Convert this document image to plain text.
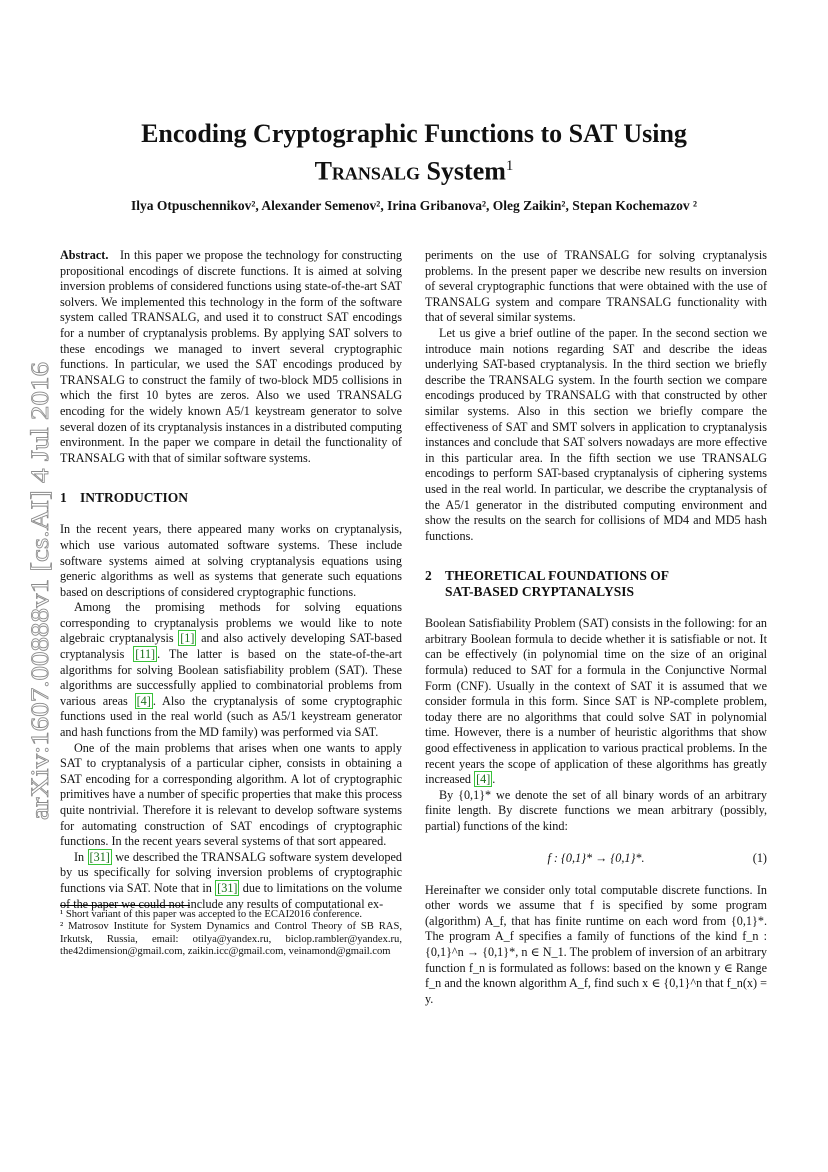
Encoding Cryptographic Functions to SAT Using
Transalg System$^1$
Ilya Otpuschennikov², Alexander Semenov², Irina Gribanova², Oleg Zaikin², Stepan Kochemazov ²
arXiv:1607.00888v1 [cs.AI] 4 Jul 2016

Abstract. In this paper we propose the technology for constructing propositional encodings of discrete functions. It is aimed at solving inversion problems of considered functions using state-of-the-art SAT solvers. We implemented this technology in the form of the software system called TRANSALG, and used it to construct SAT encodings for a number of cryptanalysis problems. By applying SAT solvers to these encodings we managed to invert several cryptographic functions. In particular, we used the SAT encodings produced by TRANSALG to construct the family of two-block MD5 collisions in which the first 10 bytes are zeros. Also we used TRANSALG encoding for the widely known A5/1 keystream generator to solve several dozen of its cryptanalysis instances in a distributed computing environment. In the paper we compare in detail the functionality of TRANSALG with that of similar software systems.

1 INTRODUCTION

In the recent years, there appeared many works on cryptanalysis, which use various automated software systems. These include software systems aimed at solving cryptanalysis equations using generic algorithms as well as systems that generate such equations based on descriptions of considered cryptographic functions.

Among the promising methods for solving equations corresponding to cryptanalysis problems we would like to note algebraic cryptanalysis [1] and also actively developing SAT-based cryptanalysis [11] . The latter is based on the state-of-the-art algorithms for solving Boolean satisfiability problem (SAT). These algorithms are successfully applied to combinatorial problems from various areas [4] . Also the cryptanalysis of some cryptographic functions used in the real world (such as A5/1 keystream generator and hash functions from the MD family) was performed via SAT.

One of the main problems that arises when one wants to apply SAT to cryptanalysis of a particular cipher, consists in obtaining a SAT encoding for a corresponding algorithm. A lot of cryptographic primitives have a number of specific properties that make this process quite nontrivial. Therefore it is relevant to develop software systems for automating construction of SAT encodings of cryptographic functions. In the recent years several systems of that sort appeared.

In [31] we described the TRANSALG software system developed by us specifically for solving inversion problems of cryptographic functions via SAT. Note that in [31] due to limitations on the volume of the paper we could not include any results of computational ex-

¹ Short variant of this paper was accepted to the ECAI2016 conference.
² Matrosov Institute for System Dynamics and Control Theory of SB RAS, Irkutsk, Russia, email: otilya@yandex.ru, biclop.rambler@yandex.ru, the42dimension@gmail.com, zaikin.icc@gmail.com, veinamond@gmail.com

periments on the use of TRANSALG for solving cryptanalysis problems. In the present paper we describe new results on inversion of several cryptographic functions that were obtained with the use of TRANSALG system and compare TRANSALG functionality with that of several similar systems.

Let us give a brief outline of the paper. In the second section we introduce main notions regarding SAT and describe the ideas underlying SAT-based cryptanalysis. In the third section we briefly describe the TRANSALG system. In the fourth section we compare encodings produced by TRANSALG with that constructed by other similar systems. Also in this section we briefly compare the effectiveness of SAT and SMT solvers in application to cryptanalysis instances and conclude that SAT solvers nowadays are more effective in this particular area. In the fifth section we use TRANSALG encodings to perform SAT-based cryptanalysis of ciphering systems used in the real world. In particular, we describe the cryptanalysis of the A5/1 generator in the distributed computing environment and show the results on the search for collisions of MD4 and MD5 hash functions.

2 THEORETICAL FOUNDATIONS OF
SAT-BASED CRYPTANALYSIS

Boolean Satisfiability Problem (SAT) consists in the following: for an arbitrary Boolean formula to decide whether it is satisfiable or not. It can be effectively (in polynomial time on the size of an original formula) reduced to SAT for a formula in the Conjunctive Normal Form (CNF). Usually in the context of SAT it is assumed that we consider formula in this form. Since SAT is NP-complete problem, today there are no algorithms that could solve SAT in polynomial time. However, there is a number of heuristic algorithms that show good effectiveness in application to various practical problems. In the recent years the scope of application of these algorithms has greatly increased [4] .

By {0,1}* we denote the set of all binary words of an arbitrary finite length. By discrete functions we mean arbitrary (possibly, partial) functions of the kind:

f : {0,1}* → {0,1}*.	(1)

Hereinafter we consider only total computable discrete functions. In other words we assume that f is specified by some program (algorithm) A_f, that has finite runtime on each word from {0,1}*. The program A_f specifies a family of functions of the kind f_n : {0,1}^n → {0,1}*, n ∈ N_1. The problem of inversion of an arbitrary function f_n is formulated as follows: based on the known y ∈ Range f_n and the known algorithm A_f, find such x ∈ {0,1}^n that f_n(x) = y.
